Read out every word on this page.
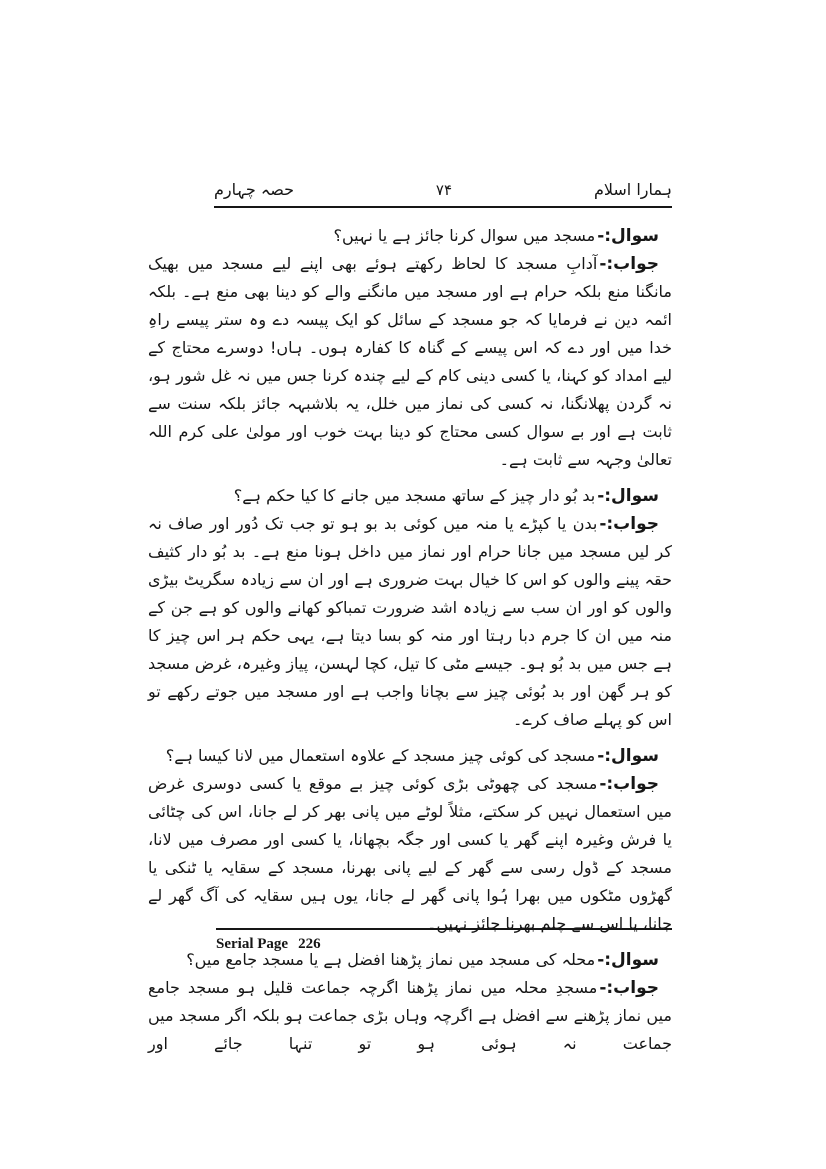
ہمارا اسلام
۷۴
حصہ چہارم

سوال:-مسجد میں سوال کرنا جائز ہے یا نہیں؟

جواب:-آدابِ مسجد کا لحاظ رکھتے ہوئے بھی اپنے لیے مسجد میں بھیک مانگنا منع بلکہ حرام ہے اور مسجد میں مانگنے والے کو دینا بھی منع ہے۔ بلکہ ائمہ دین نے فرمایا کہ جو مسجد کے سائل کو ایک پیسہ دے وہ ستر پیسے راہِ خدا میں اور دے کہ اس پیسے کے گناہ کا کفارہ ہوں۔ ہاں! دوسرے محتاج کے لیے امداد کو کہنا، یا کسی دینی کام کے لیے چندہ کرنا جس میں نہ غل شور ہو، نہ گردن پھلانگنا، نہ کسی کی نماز میں خلل، یہ بلاشبہہ جائز بلکہ سنت سے ثابت ہے اور بے سوال کسی محتاج کو دینا بہت خوب اور مولیٰ علی کرم اللہ تعالیٰ وجہہ سے ثابت ہے۔

سوال:-بد بُو دار چیز کے ساتھ مسجد میں جانے کا کیا حکم ہے؟

جواب:-بدن یا کپڑے یا منہ میں کوئی بد بو ہو تو جب تک دُور اور صاف نہ کر لیں مسجد میں جانا حرام اور نماز میں داخل ہونا منع ہے۔ بد بُو دار کثیف حقہ پینے والوں کو اس کا خیال بہت ضروری ہے اور ان سے زیادہ سگریٹ بیڑی والوں کو اور ان سب سے زیادہ اشد ضرورت تمباکو کھانے والوں کو ہے جن کے منہ میں ان کا جرم دبا رہتا اور منہ کو بسا دیتا ہے، یہی حکم ہر اس چیز کا ہے جس میں بد بُو ہو۔ جیسے مٹی کا تیل، کچا لہسن، پیاز وغیرہ، غرض مسجد کو ہر گھن اور بد بُوئی چیز سے بچانا واجب ہے اور مسجد میں جوتے رکھے تو اس کو پہلے صاف کرے۔

سوال:-مسجد کی کوئی چیز مسجد کے علاوہ استعمال میں لانا کیسا ہے؟

جواب:-مسجد کی چھوٹی بڑی کوئی چیز بے موقع یا کسی دوسری غرض میں استعمال نہیں کر سکتے، مثلاً لوٹے میں پانی بھر کر لے جانا، اس کی چٹائی یا فرش وغیرہ اپنے گھر یا کسی اور جگہ بچھانا، یا کسی اور مصرف میں لانا، مسجد کے ڈول رسی سے گھر کے لیے پانی بھرنا، مسجد کے سقایہ یا ٹنکی یا گھڑوں مٹکوں میں بھرا ہُوا پانی گھر لے جانا، یوں ہیں سقایہ کی آگ گھر لے جانا، یا اس سے چلم بھرنا جائز نہیں۔

سوال:-محلہ کی مسجد میں نماز پڑھنا افضل ہے یا مسجد جامع میں؟

جواب:-مسجدِ محلہ میں نماز پڑھنا اگرچہ جماعت قلیل ہو مسجد جامع میں نماز پڑھنے سے افضل ہے اگرچہ وہاں بڑی جماعت ہو بلکہ اگر مسجد میں جماعت نہ ہوئی ہو تو تنہا جائے اور

Serial Page 226
